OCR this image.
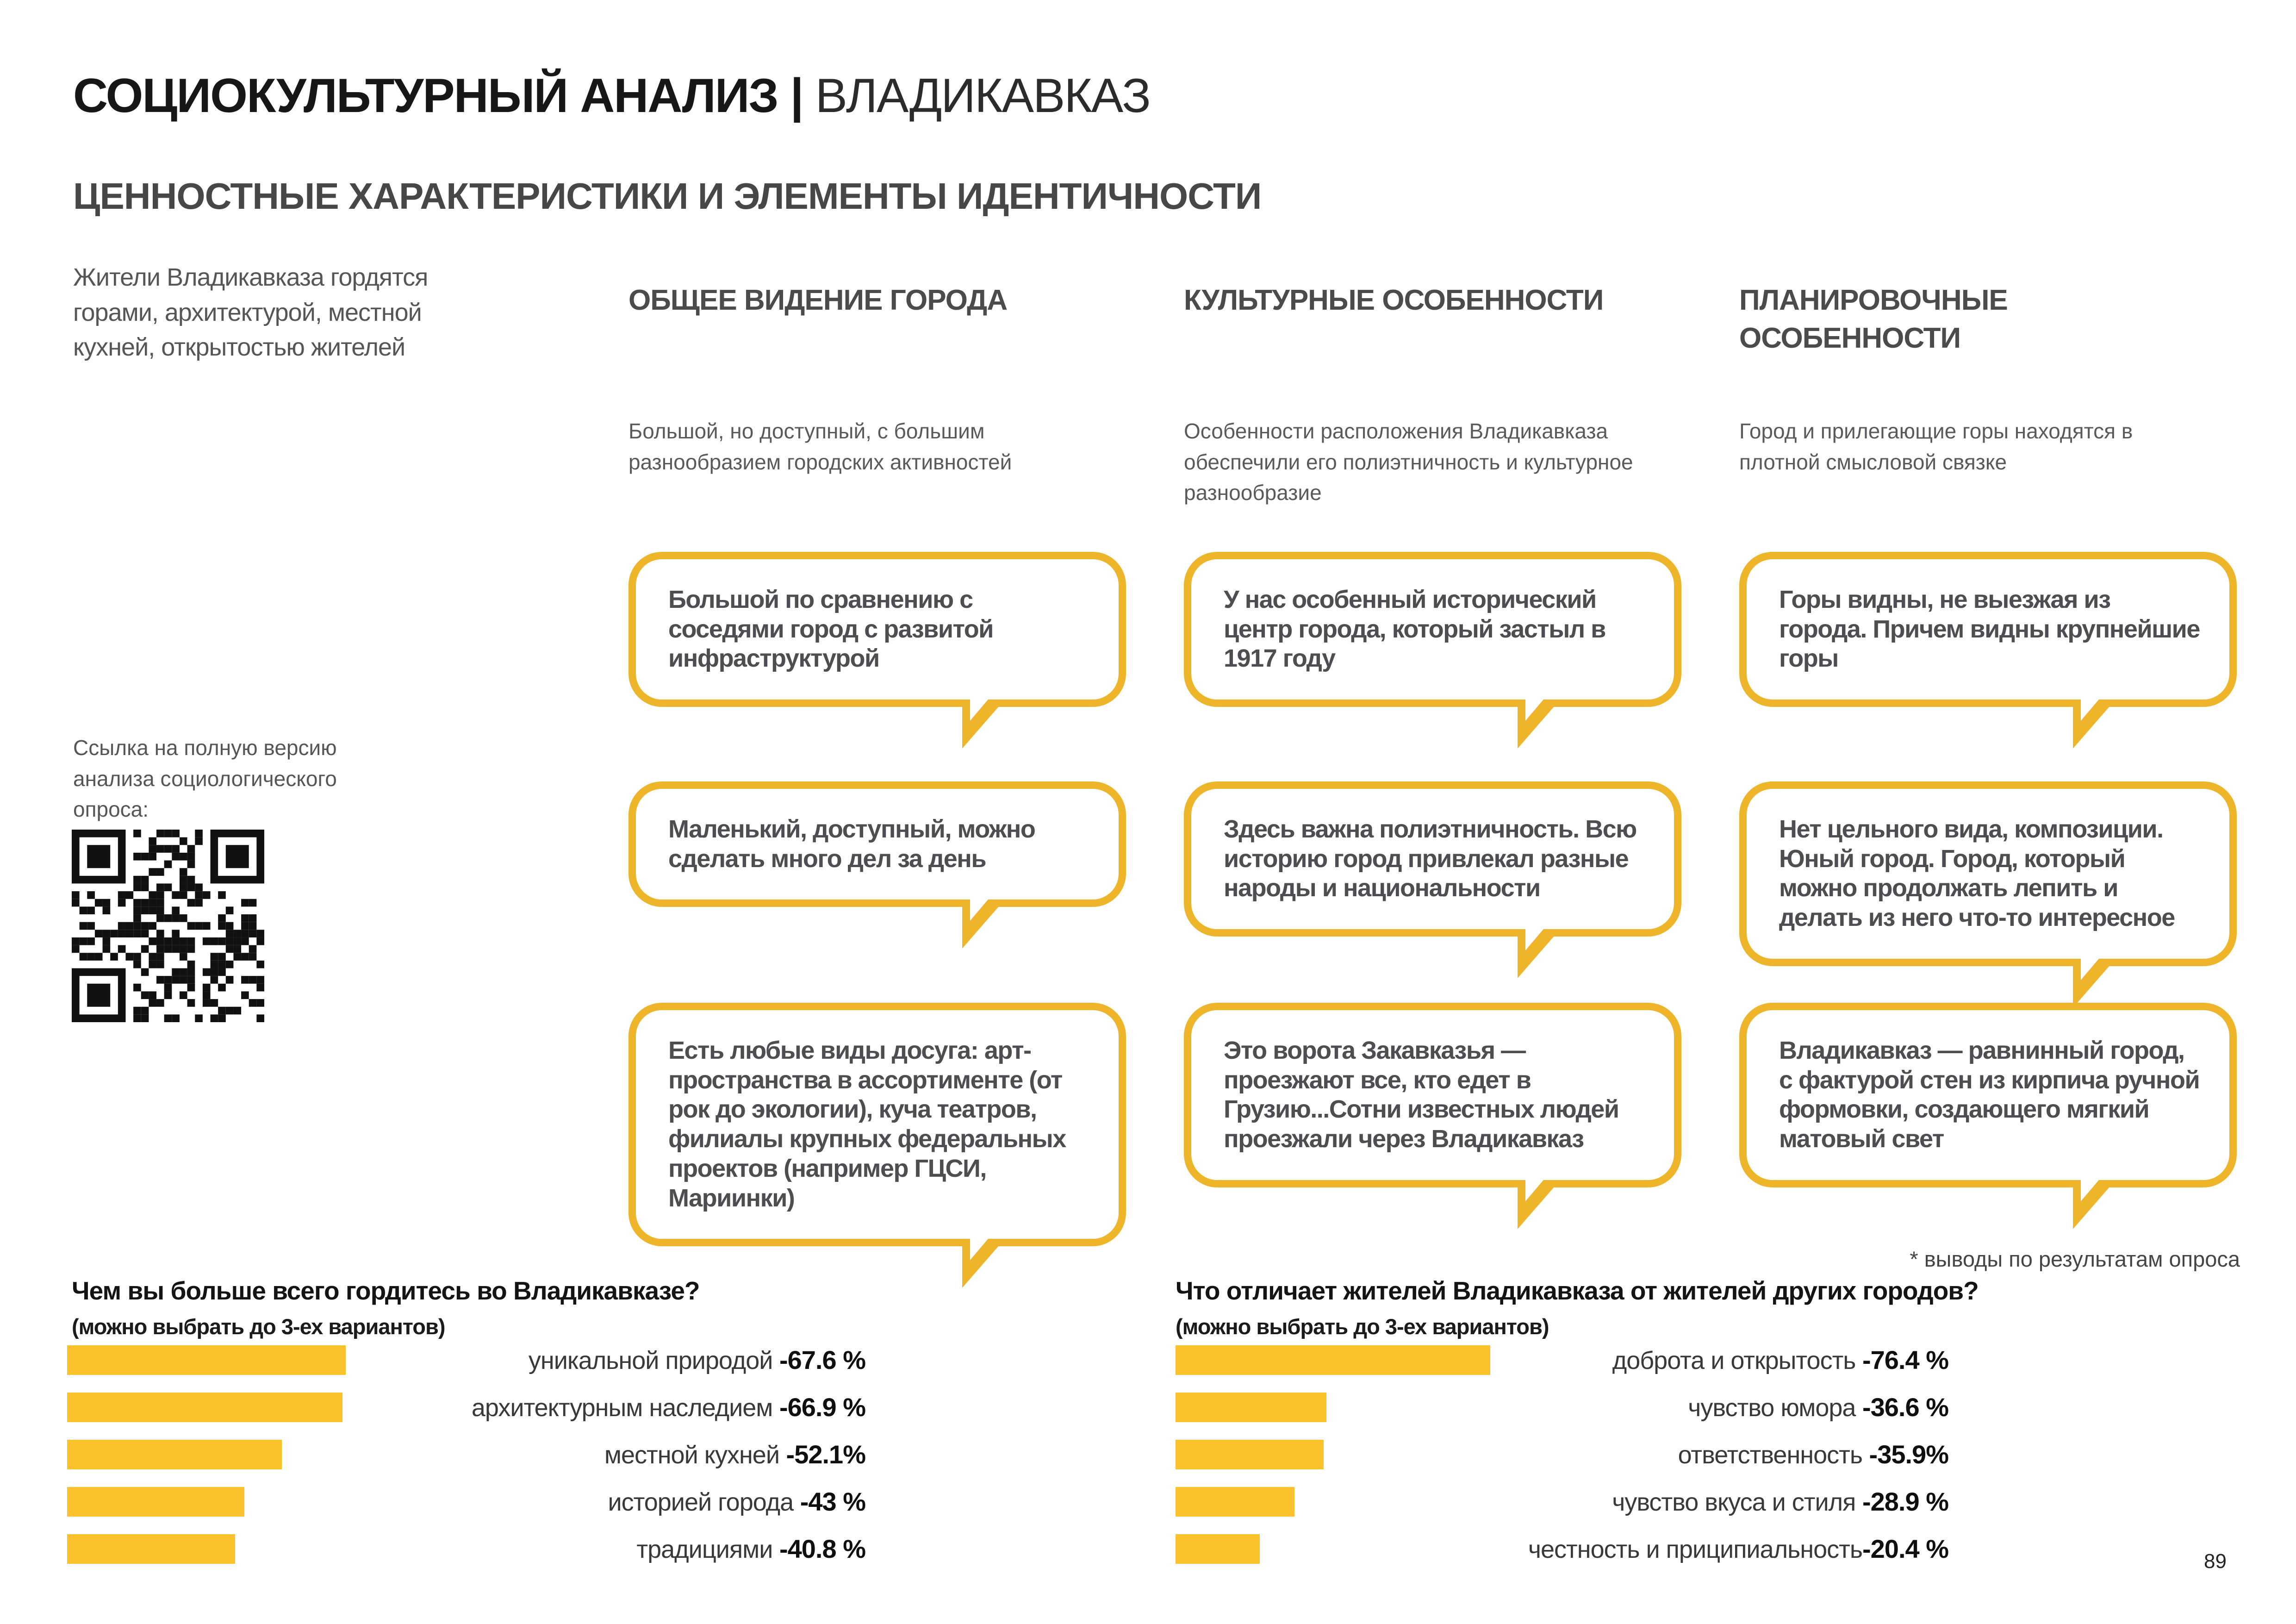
СОЦИОКУЛЬТУРНЫЙ АНАЛИЗ | ВЛАДИКАВКАЗ
ЦЕННОСТНЫЕ ХАРАКТЕРИСТИКИ И ЭЛЕМЕНТЫ ИДЕНТИЧНОСТИ
Жители Владикавказа гордятся горами, архитектурой, местной кухней, открытостью жителей
Ссылка на полную версию анализа социологического опроса:
ОБЩЕЕ ВИДЕНИЕ ГОРОДА	КУЛЬТУРНЫЕ ОСОБЕННОСТИ	ПЛАНИРОВОЧНЫЕ ОСОБЕННОСТИ
Большой, но доступный, с большим разнообразием городских активностей
Особенности расположения Владикавказа обеспечили его полиэтничность и культурное разнообразие
Город и прилегающие горы находятся в плотной смысловой связке
Большой по сравнению с соседями город с развитой инфраструктурой
У нас особенный исторический центр города, который застыл в 1917 году
Горы видны, не выезжая из города. Причем видны крупнейшие горы
Маленький, доступный, можно сделать много дел за день
Здесь важна полиэтничность. Всю историю город привлекал разные народы и национальности
Нет цельного вида, композиции. Юный город. Город, который можно продолжать лепить и делать из него что-то интересное
Есть любые виды досуга: арт-пространства в ассортименте (от рок до экологии), куча театров, филиалы крупных федеральных проектов (например ГЦСИ, Мариинки)
Это ворота Закавказья — проезжают все, кто едет в Грузию...Сотни известных людей проезжали через Владикавказ
Владикавказ — равнинный город, с фактурой стен из кирпича ручной формовки, создающего мягкий матовый свет
* выводы по результатам опроса
Чем вы больше всего гордитесь во Владикавказе?
(можно выбрать до 3-ех вариантов)
уникальной природой -67.6 %
архитектурным наследием -66.9 %
местной кухней -52.1%
историей города -43 %
традициями -40.8 %
Что отличает жителей Владикавказа от жителей других городов?
(можно выбрать до 3-ех вариантов)
доброта и открытость -76.4 %
чувство юмора -36.6 %
ответственность -35.9%
чувство вкуса и стиля -28.9 %
честность и приципиальность-20.4 %	89
